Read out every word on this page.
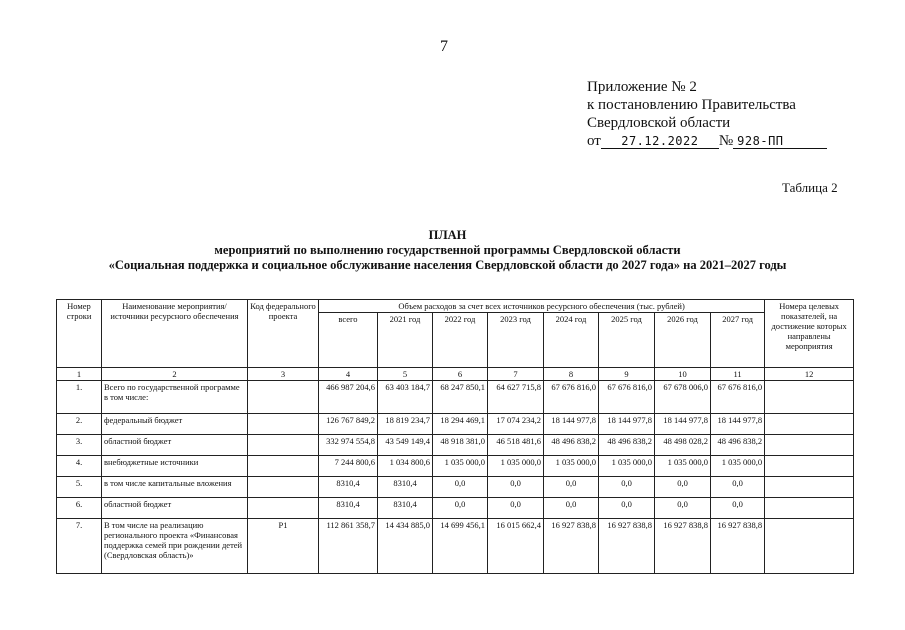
7
Приложение № 2
к постановлению Правительства
Свердловской области
от 27.12.2022 № 928-ПП
Таблица 2
ПЛАН
мероприятий по выполнению государственной программы Свердловской области
«Социальная поддержка и социальное обслуживание населения Свердловской области до 2027 года» на 2021–2027 годы
Номер строки	Наименование мероприятия/ источники ресурсного обеспечения	Код федерального проекта	Объем расходов за счет всех источников ресурсного обеспечения (тыс. рублей)								Номера целевых показателей, на достижение которых направлены мероприятия
			всего	2021 год	2022 год	2023 год	2024 год	2025 год	2026 год	2027 год	
1	2	3	4	5	6	7	8	9	10	11	12
1.	Всего по государственной программе в том числе:		466 987 204,6	63 403 184,7	68 247 850,1	64 627 715,8	67 676 816,0	67 676 816,0	67 678 006,0	67 676 816,0	
2.	федеральный бюджет		126 767 849,2	18 819 234,7	18 294 469,1	17 074 234,2	18 144 977,8	18 144 977,8	18 144 977,8	18 144 977,8	
3.	областной бюджет		332 974 554,8	43 549 149,4	48 918 381,0	46 518 481,6	48 496 838,2	48 496 838,2	48 498 028,2	48 496 838,2	
4.	внебюджетные источники		7 244 800,6	1 034 800,6	1 035 000,0	1 035 000,0	1 035 000,0	1 035 000,0	1 035 000,0	1 035 000,0	
5.	в том числе капитальные вложения		8310,4	8310,4	0,0	0,0	0,0	0,0	0,0	0,0	
6.	областной бюджет		8310,4	8310,4	0,0	0,0	0,0	0,0	0,0	0,0	
7.	В том числе на реализацию регионального проекта «Финансовая поддержка семей при рождении детей (Свердловская область)»	Р1	112 861 358,7	14 434 885,0	14 699 456,1	16 015 662,4	16 927 838,8	16 927 838,8	16 927 838,8	16 927 838,8	
